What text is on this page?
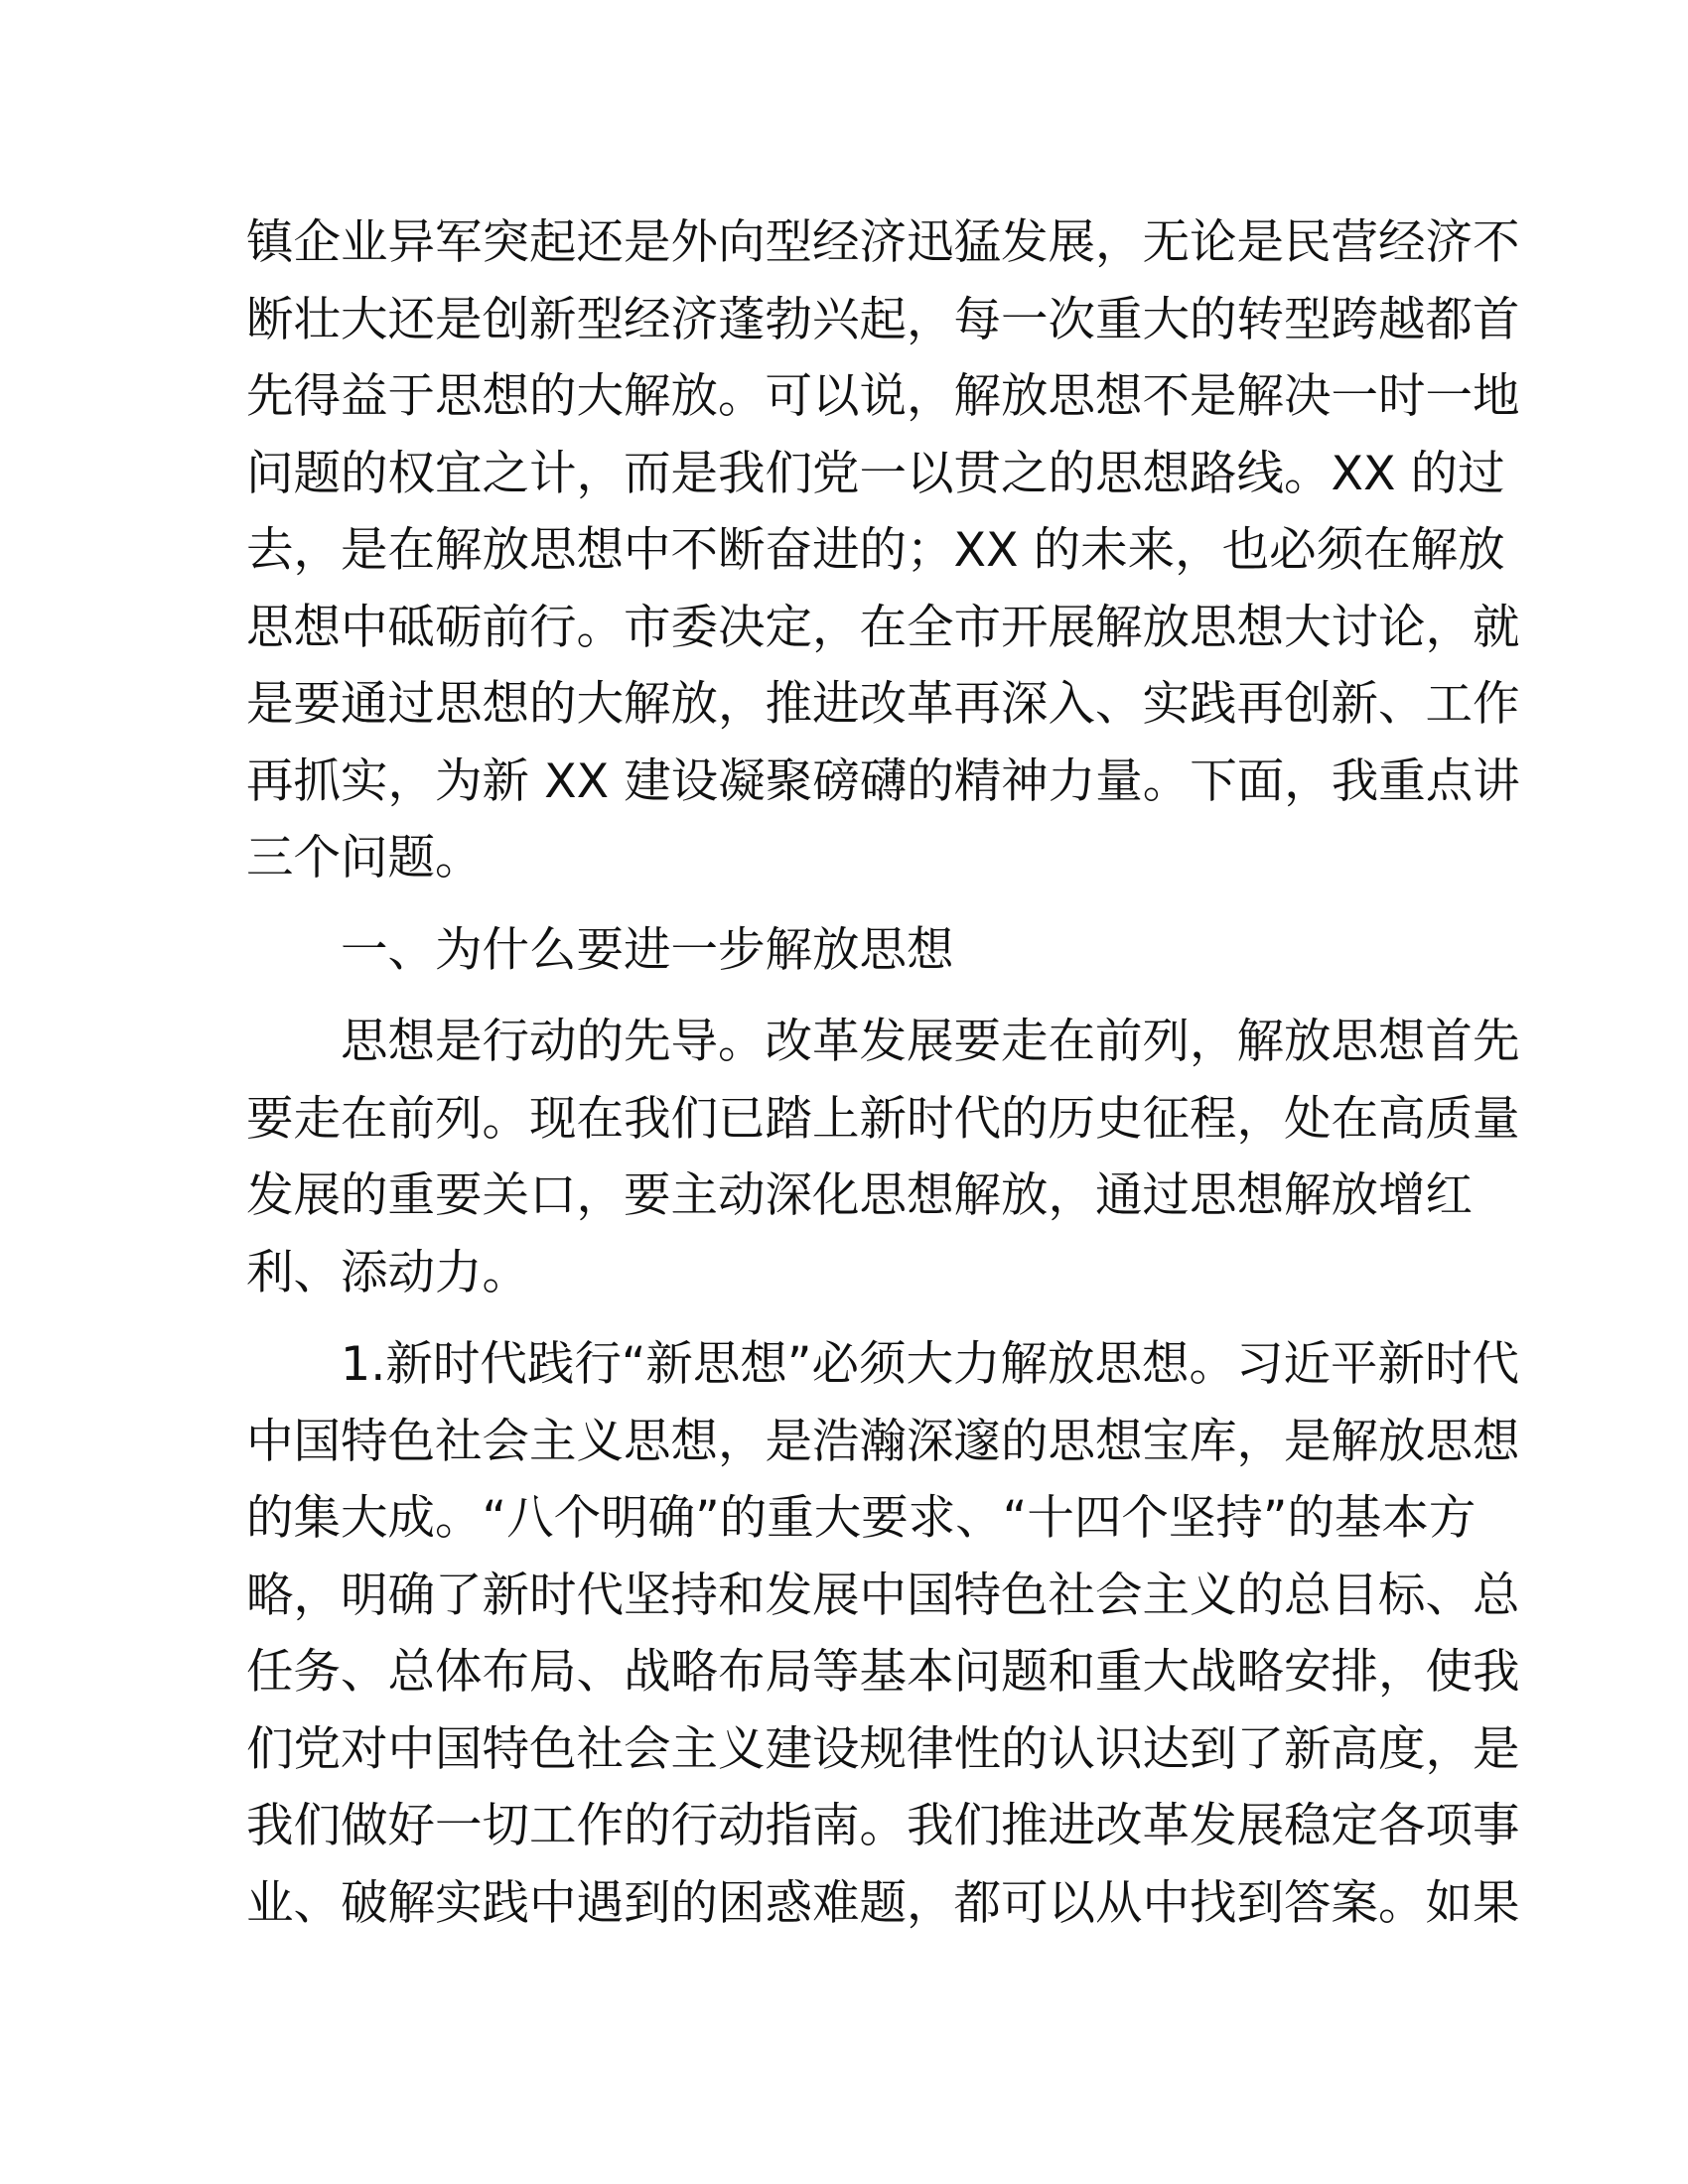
镇企业异军突起还是外向型经济迅猛发展，无论是民营经济不
断壮大还是创新型经济蓬勃兴起，每一次重大的转型跨越都首
先得益于思想的大解放。可以说，解放思想不是解决一时一地
问题的权宜之计，而是我们党一以贯之的思想路线。XX 的过
去，是在解放思想中不断奋进的；XX 的未来，也必须在解放
思想中砥砺前行。市委决定，在全市开展解放思想大讨论，就
是要通过思想的大解放，推进改革再深入、实践再创新、工作
再抓实，为新 XX 建设凝聚磅礴的精神力量。下面，我重点讲
三个问题。
一、为什么要进一步解放思想
思想是行动的先导。改革发展要走在前列，解放思想首先
要走在前列。现在我们已踏上新时代的历史征程，处在高质量
发展的重要关口，要主动深化思想解放，通过思想解放增红
利、添动力。
1.新时代践行“新思想”必须大力解放思想。习近平新时代
中国特色社会主义思想，是浩瀚深邃的思想宝库，是解放思想
的集大成。“八个明确”的重大要求、“十四个坚持”的基本方
略，明确了新时代坚持和发展中国特色社会主义的总目标、总
任务、总体布局、战略布局等基本问题和重大战略安排，使我
们党对中国特色社会主义建设规律性的认识达到了新高度，是
我们做好一切工作的行动指南。我们推进改革发展稳定各项事
业、破解实践中遇到的困惑难题，都可以从中找到答案。如果
